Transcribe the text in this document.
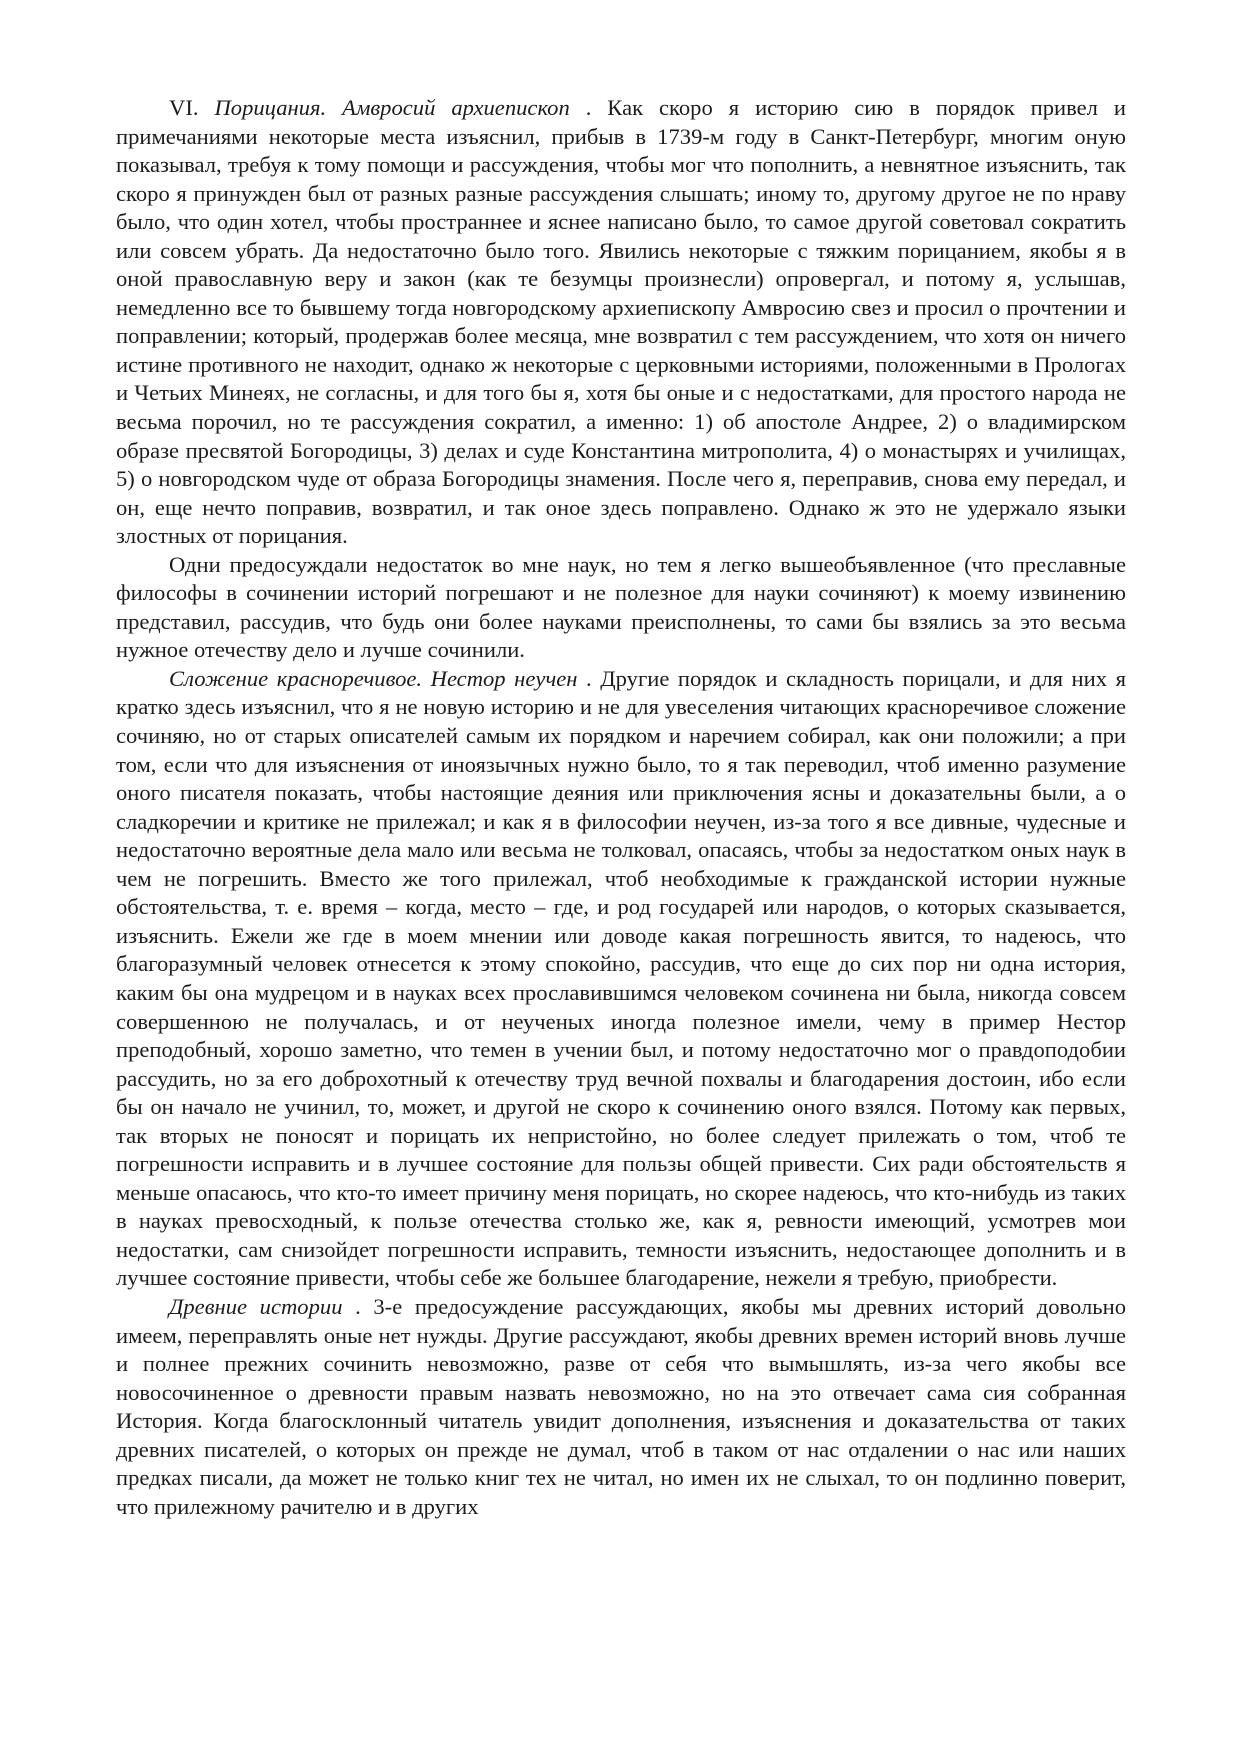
VI. Порицания. Амвросий архиепископ . Как скоро я историю сию в порядок привел и примечаниями некоторые места изъяснил, прибыв в 1739-м году в Санкт-Петербург, многим оную показывал, требуя к тому помощи и рассуждения, чтобы мог что пополнить, а невнятное изъяснить, так скоро я принужден был от разных разные рассуждения слышать; иному то, другому другое не по нраву было, что один хотел, чтобы пространнее и яснее написано было, то самое другой советовал сократить или совсем убрать. Да недостаточно было того. Явились некоторые с тяжким порицанием, якобы я в оной православную веру и закон (как те безумцы произнесли) опровергал, и потому я, услышав, немедленно все то бывшему тогда новгородскому архиепископу Амвросию свез и просил о прочтении и поправлении; который, продержав более месяца, мне возвратил с тем рассуждением, что хотя он ничего истине противного не находит, однако ж некоторые с церковными историями, положенными в Прологах и Четьих Минеях, не согласны, и для того бы я, хотя бы оные и с недостатками, для простого народа не весьма порочил, но те рассуждения сократил, а именно: 1) об апостоле Андрее, 2) о владимирском образе пресвятой Богородицы, 3) делах и суде Константина митрополита, 4) о монастырях и училищах, 5) о новгородском чуде от образа Богородицы знамения. После чего я, переправив, снова ему передал, и он, еще нечто поправив, возвратил, и так оное здесь поправлено. Однако ж это не удержало языки злостных от порицания.

Одни предосуждали недостаток во мне наук, но тем я легко вышеобъявленное (что преславные философы в сочинении историй погрешают и не полезное для науки сочиняют) к моему извинению представил, рассудив, что будь они более науками преисполнены, то сами бы взялись за это весьма нужное отечеству дело и лучше сочинили.

Сложение красноречивое. Нестор неучен . Другие порядок и складность порицали, и для них я кратко здесь изъяснил, что я не новую историю и не для увеселения читающих красноречивое сложение сочиняю, но от старых описателей самым их порядком и наречием собирал, как они положили; а при том, если что для изъяснения от иноязычных нужно было, то я так переводил, чтоб именно разумение оного писателя показать, чтобы настоящие деяния или приключения ясны и доказательны были, а о сладкоречии и критике не прилежал; и как я в философии неучен, из-за того я все дивные, чудесные и недостаточно вероятные дела мало или весьма не толковал, опасаясь, чтобы за недостатком оных наук в чем не погрешить. Вместо же того прилежал, чтоб необходимые к гражданской истории нужные обстоятельства, т. е. время – когда, место – где, и род государей или народов, о которых сказывается, изъяснить. Ежели же где в моем мнении или доводе какая погрешность явится, то надеюсь, что благоразумный человек отнесется к этому спокойно, рассудив, что еще до сих пор ни одна история, каким бы она мудрецом и в науках всех прославившимся человеком сочинена ни была, никогда совсем совершенною не получалась, и от неученых иногда полезное имели, чему в пример Нестор преподобный, хорошо заметно, что темен в учении был, и потому недостаточно мог о правдоподобии рассудить, но за его доброхотный к отечеству труд вечной похвалы и благодарения достоин, ибо если бы он начало не учинил, то, может, и другой не скоро к сочинению оного взялся. Потому как первых, так вторых не поносят и порицать их непристойно, но более следует прилежать о том, чтоб те погрешности исправить и в лучшее состояние для пользы общей привести. Сих ради обстоятельств я меньше опасаюсь, что кто-то имеет причину меня порицать, но скорее надеюсь, что кто-нибудь из таких в науках превосходный, к пользе отечества столько же, как я, ревности имеющий, усмотрев мои недостатки, сам снизойдет погрешности исправить, темности изъяснить, недостающее дополнить и в лучшее состояние привести, чтобы себе же большее благодарение, нежели я требую, приобрести.

Древние истории . 3-е предосуждение рассуждающих, якобы мы древних историй довольно имеем, переправлять оные нет нужды. Другие рассуждают, якобы древних времен историй вновь лучше и полнее прежних сочинить невозможно, разве от себя что вымышлять, из-за чего якобы все новосочиненное о древности правым назвать невозможно, но на это отвечает сама сия собранная История. Когда благосклонный читатель увидит дополнения, изъяснения и доказательства от таких древних писателей, о которых он прежде не думал, чтоб в таком от нас отдалении о нас или наших предках писали, да может не только книг тех не читал, но имен их не слыхал, то он подлинно поверит, что прилежному рачителю и в других
